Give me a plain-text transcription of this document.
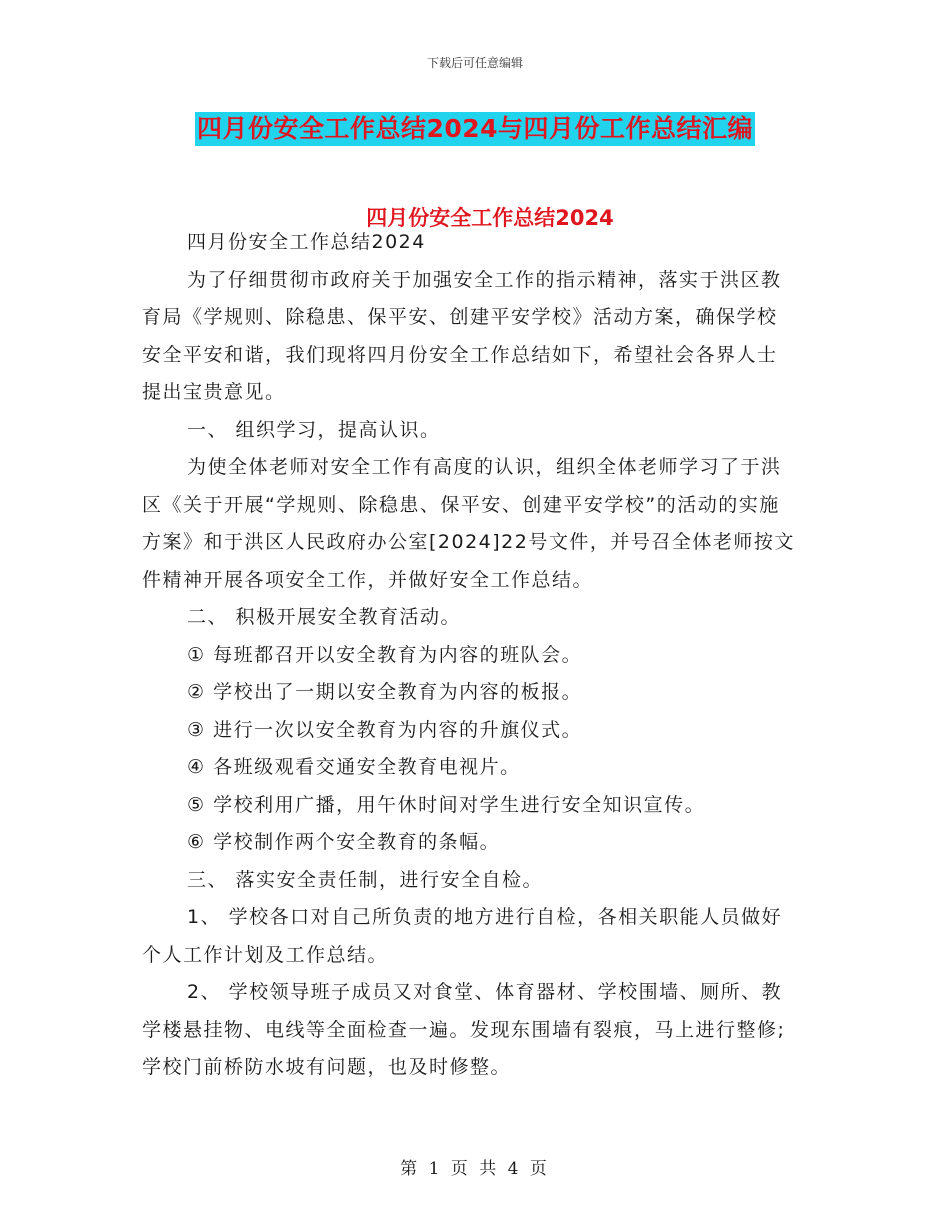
下载后可任意编辑
四月份安全工作总结2024与四月份工作总结汇编
四月份安全工作总结2024

四月份安全工作总结2024

为了仔细贯彻市政府关于加强安全工作的指示精神，落实于洪区教育局《学规则、除稳患、保平安、创建平安学校》活动方案，确保学校安全平安和谐，我们现将四月份安全工作总结如下，希望社会各界人士提出宝贵意见。

一、 组织学习，提高认识。

为使全体老师对安全工作有高度的认识，组织全体老师学习了于洪区《关于开展“学规则、除稳患、保平安、创建平安学校”的活动的实施方案》和于洪区人民政府办公室[2024]22号文件，并号召全体老师按文件精神开展各项安全工作，并做好安全工作总结。

二、 积极开展安全教育活动。

① 每班都召开以安全教育为内容的班队会。

② 学校出了一期以安全教育为内容的板报。

③ 进行一次以安全教育为内容的升旗仪式。

④ 各班级观看交通安全教育电视片。

⑤ 学校利用广播，用午休时间对学生进行安全知识宣传。

⑥ 学校制作两个安全教育的条幅。

三、 落实安全责任制，进行安全自检。

1、 学校各口对自己所负责的地方进行自检，各相关职能人员做好个人工作计划及工作总结。

2、 学校领导班子成员又对食堂、体育器材、学校围墙、厕所、教学楼悬挂物、电线等全面检查一遍。发现东围墙有裂痕，马上进行整修;学校门前桥防水坡有问题，也及时修整。

第 1 页 共 4 页
